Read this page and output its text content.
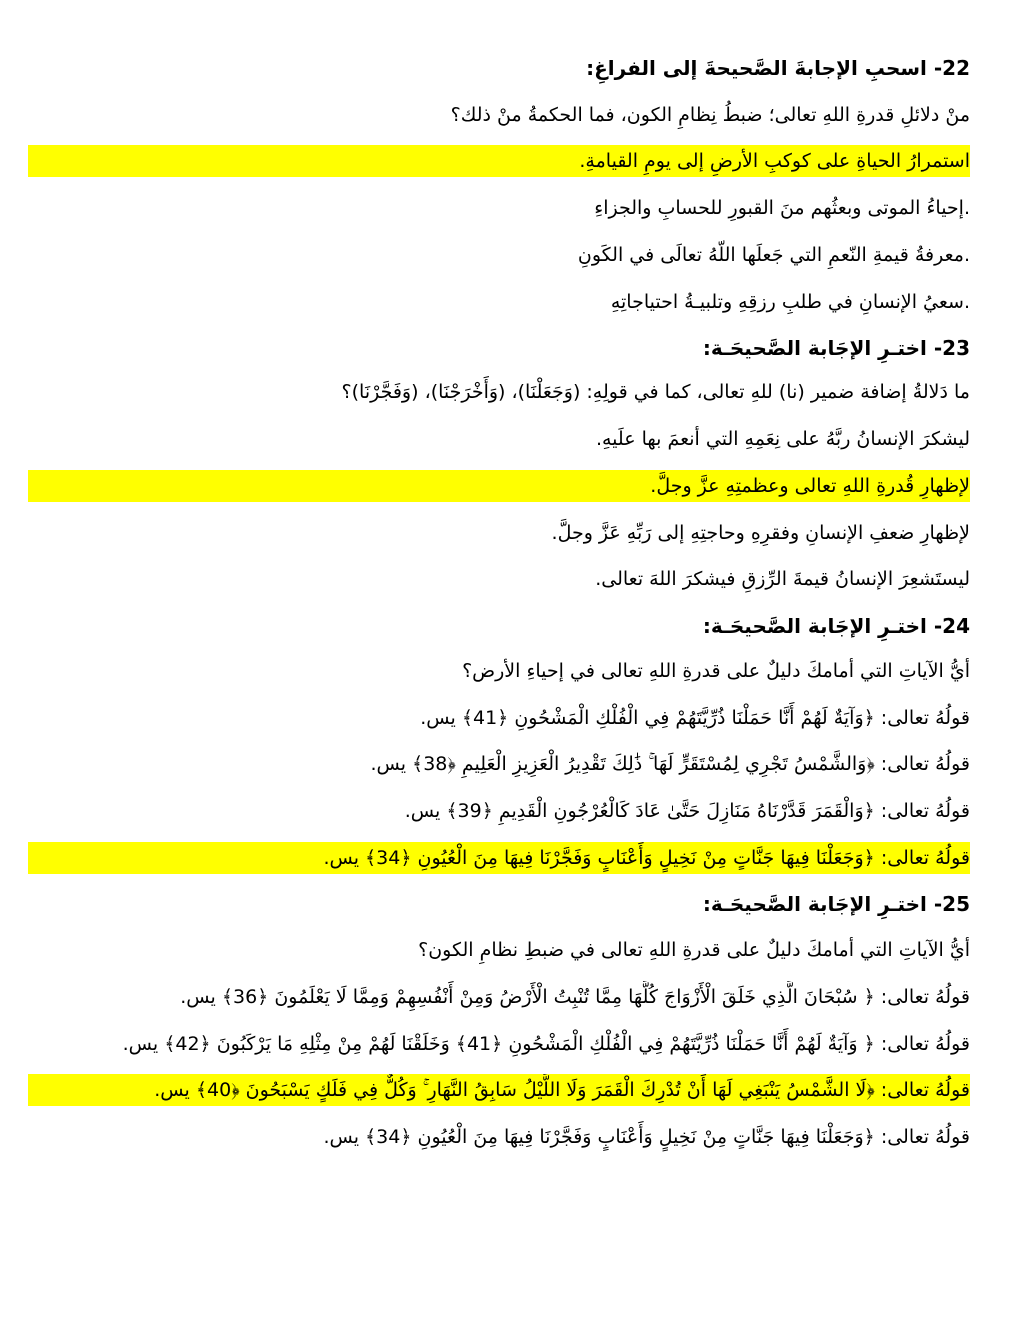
22- اسحبِ الإجابةَ الصَّحيحةَ إلى الفراغِ:
منْ دلائلِ قدرةِ اللهِ تعالى؛ ضبطُ نِظامِ الكون، فما الحكمةُ منْ ذلك؟
استمرارُ الحياةِ على كوكبِ الأرضِ إلى يومِ القيامةِ.
.إحياءُ الموتى وبعثُهم منَ القبورِ للحسابِ والجزاءِ
.معرفةُ قيمةِ النّعمِ التي جَعلَها اللّهُ تعالَى في الكَونِ
.سعيُ الإنسانِ في طلبِ رزقِهِ وتلبيـةُ احتياجاتِهِ
23- اختـرِ الإجَابة الصَّحيحَـة:
ما دَلالةُ إضافة ضمير (نا) للهِ تعالى، كما في قولِهِ: (وَجَعَلْنَا)، (وَأَخْرَجْنَا)، (وَفَجَّرْنَا)؟
ليشكرَ الإنسانُ ربَّهُ على نِعَمِهِ التي أنعمَ بها علَيهِ.
لإظهارِ قُدرةِ اللهِ تعالى وعظمتِهِ عزَّ وجلَّ.
لإظهارِ ضعفِ الإنسانِ وفقرِهِ وحاجتِهِ إلى رَبِّهِ عَزَّ وجلَّ.
ليستَشعِرَ الإنسانُ قيمةَ الرِّزقِ فيشكرَ اللهَ تعالى.
24- اختـرِ الإجَابة الصَّحيحَـة:
أيُّ الآياتِ التي أمامكَ دليلٌ على قدرةِ اللهِ تعالى في إحياءِ الأرض؟
قولُهُ تعالى: ﴿وَآيَةٌ لَهُمْ أَنَّا حَمَلْنَا ذُرِّيَّتَهُمْ فِي الْفُلْكِ الْمَشْحُونِ ﴿41﴾ يس.
قولُهُ تعالى: ﴿وَالشَّمْسُ تَجْرِي لِمُسْتَقَرٍّ لَهَا ۚ ذَٰلِكَ تَقْدِيرُ الْعَزِيزِ الْعَلِيمِ ﴿38﴾ يس.
قولُهُ تعالى: ﴿وَالْقَمَرَ قَدَّرْنَاهُ مَنَازِلَ حَتَّىٰ عَادَ كَالْعُرْجُونِ الْقَدِيمِ ﴿39﴾ يس.
قولُهُ تعالى: ﴿وَجَعَلْنَا فِيهَا جَنَّاتٍ مِنْ نَخِيلٍ وَأَعْنَابٍ وَفَجَّرْنَا فِيهَا مِنَ الْعُيُونِ ﴿34﴾ يس.
25- اختـرِ الإجَابة الصَّحيحَـة:
أيُّ الآياتِ التي أمامكَ دليلٌ على قدرةِ اللهِ تعالى في ضبطِ نظامِ الكون؟
قولُهُ تعالى: ﴿ سُبْحَانَ الَّذِي خَلَقَ الْأَزْوَاجَ كُلَّهَا مِمَّا تُنْبِتُ الْأَرْضُ وَمِنْ أَنْفُسِهِمْ وَمِمَّا لَا يَعْلَمُونَ ﴿36﴾ يس.
قولُهُ تعالى: ﴿ وَآيَةٌ لَهُمْ أَنَّا حَمَلْنَا ذُرِّيَّتَهُمْ فِي الْفُلْكِ الْمَشْحُونِ ﴿41﴾ وَخَلَقْنَا لَهُمْ مِنْ مِثْلِهِ مَا يَرْكَبُونَ ﴿42﴾ يس.
قولُهُ تعالى: ﴿لَا الشَّمْسُ يَنْبَغِي لَهَا أَنْ تُدْرِكَ الْقَمَرَ وَلَا اللَّيْلُ سَابِقُ النَّهَارِ ۚ وَكُلٌّ فِي فَلَكٍ يَسْبَحُونَ ﴿40﴾ يس.
قولُهُ تعالى: ﴿وَجَعَلْنَا فِيهَا جَنَّاتٍ مِنْ نَخِيلٍ وَأَعْنَابٍ وَفَجَّرْنَا فِيهَا مِنَ الْعُيُونِ ﴿34﴾ يس.
